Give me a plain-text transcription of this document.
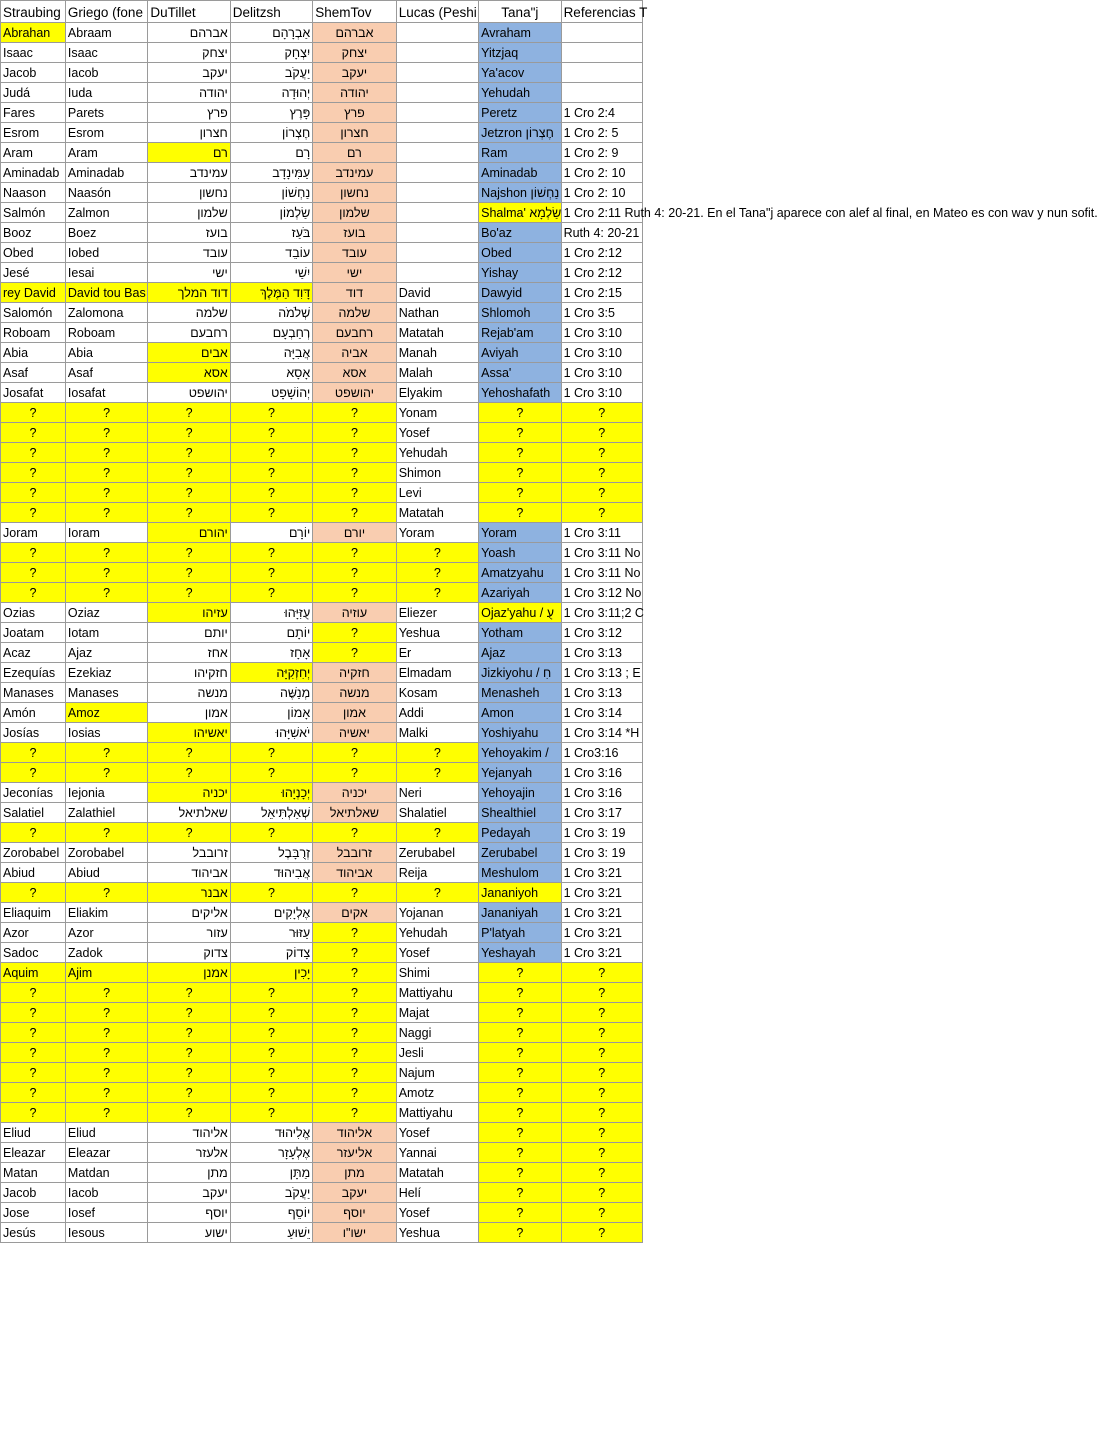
Straubing	Griego (fone	DuTillet	Delitzsh	ShemTov	Lucas (Peshi	Tana"j	Referencias T
Abrahan	Abraam	אברהם	אַבְרָהָם	אברהם		Avraham	
Isaac	Isaac	יצחק	יִצְחָק	יצחק		Yitzjaq	
Jacob	Iacob	יעקב	יַעֲקֹב	יעקב		Ya'acov	
Judá	Iuda	יהודה	יְהוּדָה	יהודה		Yehudah	
Fares	Parets	פרץ	פָּרֶץ	פרץ		Peretz	1 Cro 2:4
Esrom	Esrom	חצרון	חֶצְרוֹן	חצרון		Jetzron חֶצְרוֹן	1 Cro 2: 5
Aram	Aram	רם	רָם	רם		Ram	1 Cro 2: 9
Aminadab	Aminadab	עמינדב	עַמִּינָדָב	עמינדב		Aminadab	1 Cro 2: 10
Naason	Naasón	נחשון	נַחְשׁוֹן	נחשון		Najshon נַחְשׁוֹן	1 Cro 2: 10
Salmón	Zalmon	שלמון	שַׂלְמוֹן	שלמון		Shalma' שַׂלְמָא	1 Cro 2:11 Ruth 4: 20-21. En el Tana"j aparece con alef al final, en Mateo es con wav y nun sofit.
Booz	Boez	בועז	בֹּעַז	בועז		Bo'az	Ruth 4: 20-21
Obed	Iobed	עובד	עוֹבֵד	עובד		Obed	1 Cro 2:12
Jesé	Iesai	ישי	יִשַׁי	ישי		Yishay	1 Cro 2:12
rey David	David tou Bas	דוד המלך	דָּוִד הַמֶּלֶךְ	דוד	David	Dawyid	1 Cro 2:15
Salomón	Zalomona	שלמה	שְׁלֹמֹה	שלמה	Nathan	Shlomoh	1 Cro 3:5
Roboam	Roboam	רחבעם	רְחַבְעָם	רחבעם	Matatah	Rejab'am	1 Cro 3:10
Abia	Abia	אבים	אֲבִיָּה	אביה	Manah	Aviyah	1 Cro 3:10
Asaf	Asaf	אסא	אָסָא	אסא	Malah	Assa'	1 Cro 3:10
Josafat	Iosafat	יהושפט	יְהוֹשָׁפָט	יהושפט	Elyakim	Yehoshafath	1 Cro 3:10
?	?	?	?	?	Yonam	?	?
?	?	?	?	?	Yosef	?	?
?	?	?	?	?	Yehudah	?	?
?	?	?	?	?	Shimon	?	?
?	?	?	?	?	Levi	?	?
?	?	?	?	?	Matatah	?	?
Joram	Ioram	יהורם	יוֹרָם	יורם	Yoram	Yoram	1 Cro 3:11
?	?	?	?	?	?	Yoash	1 Cro 3:11 No
?	?	?	?	?	?	Amatzyahu	1 Cro 3:11 No
?	?	?	?	?	?	Azariyah	1 Cro 3:12 No
Ozias	Oziaz	עזיהו	עֻזִּיָּהוּ	עוזיה	Eliezer	Ojaz'yahu / עֻ	1 Cro 3:11;2 C
Joatam	Iotam	יותם	יוֹתָם	?	Yeshua	Yotham	1 Cro 3:12
Acaz	Ajaz	אחז	אָחָז	?	Er	Ajaz	1 Cro 3:13
Ezequías	Ezekiaz	חזקיהו	יְחִזְקִיָּה	חזקיה	Elmadam	Jizkiyohu / חִ	1 Cro 3:13 ; E
Manases	Manases	מנשה	מְנַשֶּׁה	מנשה	Kosam	Menasheh	1 Cro 3:13
Amón	Amoz	אמון	אָמוֹן	אמון	Addi	Amon	1 Cro 3:14
Josías	Iosias	יאשיהו	יֹאשִׁיָּהוּ	יאשיה	Malki	Yoshiyahu	1 Cro 3:14 *H
?	?	?	?	?	?	Yehoyakim /	1 Cro3:16
?	?	?	?	?	?	Yejanyah	1 Cro 3:16
Jeconías	Iejonia	יכניה	יְכָנְיָהוּ	יכניה	Neri	Yehoyajin	1 Cro 3:16
Salatiel	Zalathiel	שאלתיאל	שְׁאַלְתִּיאֵל	שאלתיאל	Shalatiel	Shealthiel	1 Cro 3:17
?	?	?	?	?	?	Pedayah	1 Cro 3: 19
Zorobabel	Zorobabel	זרובבל	זְרֻבָּבֶל	זרובבל	Zerubabel	Zerubabel	1 Cro 3: 19
Abiud	Abiud	אביהוד	אֲבִיהוּד	אביהוד	Reija	Meshulom	1 Cro 3:21
?	?	אבנר	?	?	?	Jananiyoh	1 Cro 3:21
Eliaquim	Eliakim	אליקים	אֶלְיָקִים	אקים	Yojanan	Jananiyah	1 Cro 3:21
Azor	Azor	עזור	עַזּוּר	?	Yehudah	P'latyah	1 Cro 3:21
Sadoc	Zadok	צדוק	צָדוֹק	?	Yosef	Yeshayah	1 Cro 3:21
Aquim	Ajim	אמנן	יָכִין	?	Shimi	?	?
?	?	?	?	?	Mattiyahu	?	?
?	?	?	?	?	Majat	?	?
?	?	?	?	?	Naggi	?	?
?	?	?	?	?	Jesli	?	?
?	?	?	?	?	Najum	?	?
?	?	?	?	?	Amotz	?	?
?	?	?	?	?	Mattiyahu	?	?
Eliud	Eliud	אליהוד	אֱלִיהוּד	אליהוד	Yosef	?	?
Eleazar	Eleazar	אלעזר	אֶלְעָזָר	אליעזר	Yannai	?	?
Matan	Matdan	מתן	מַתָּן	מתן	Matatah	?	?
Jacob	Iacob	יעקב	יַעֲקֹב	יעקב	Helí	?	?
Jose	Iosef	יוסף	יוֹסֵף	יוסף	Yosef	?	?
Jesús	Iesous	ישוע	יֵשׁוּעַ	ישו"ו	Yeshua	?	?
